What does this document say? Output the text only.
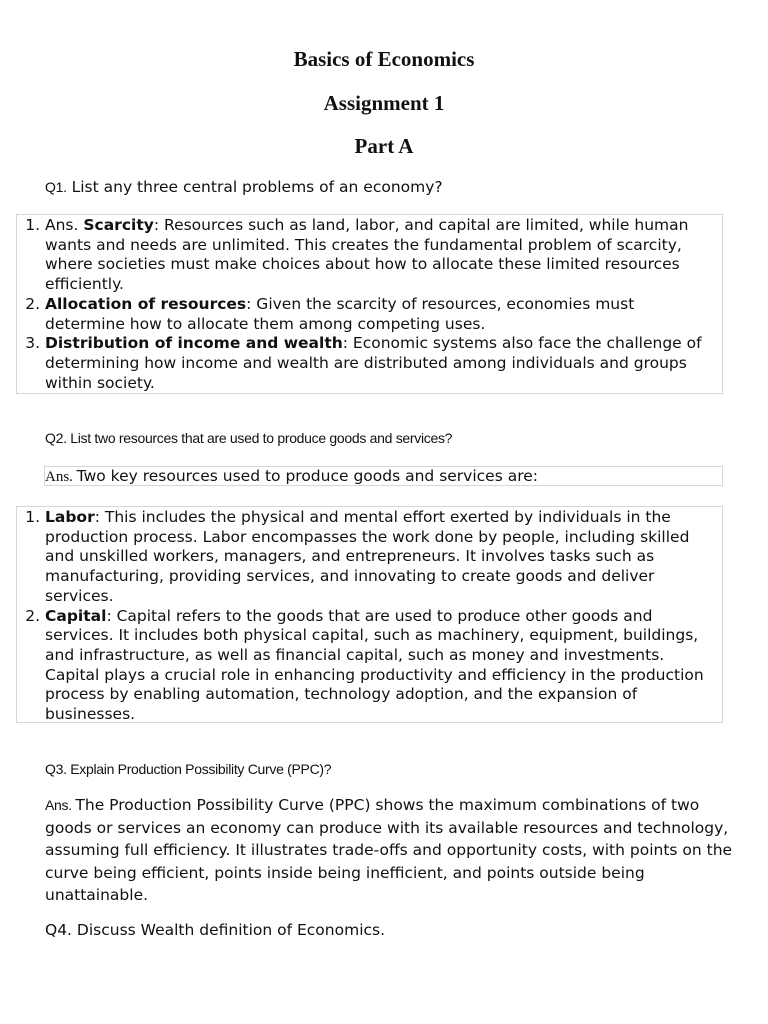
Basics of Economics
Assignment 1
Part A

Q1. List any three central problems of an economy?

1. Ans. Scarcity: Resources such as land, labor, and capital are limited, while human wants and needs are unlimited. This creates the fundamental problem of scarcity, where societies must make choices about how to allocate these limited resources efficiently.
2. Allocation of resources: Given the scarcity of resources, economies must determine how to allocate them among competing uses.
3. Distribution of income and wealth: Economic systems also face the challenge of determining how income and wealth are distributed among individuals and groups within society.

Q2. List two resources that are used to produce goods and services?

Ans. Two key resources used to produce goods and services are:
1. Labor: This includes the physical and mental effort exerted by individuals in the production process. Labor encompasses the work done by people, including skilled and unskilled workers, managers, and entrepreneurs. It involves tasks such as manufacturing, providing services, and innovating to create goods and deliver services.
2. Capital: Capital refers to the goods that are used to produce other goods and services. It includes both physical capital, such as machinery, equipment, buildings, and infrastructure, as well as financial capital, such as money and investments. Capital plays a crucial role in enhancing productivity and efficiency in the production process by enabling automation, technology adoption, and the expansion of businesses.

Q3. Explain Production Possibility Curve (PPC)?

Ans. The Production Possibility Curve (PPC) shows the maximum combinations of two goods or services an economy can produce with its available resources and technology, assuming full efficiency. It illustrates trade-offs and opportunity costs, with points on the curve being efficient, points inside being inefficient, and points outside being unattainable.

Q4. Discuss Wealth definition of Economics.
